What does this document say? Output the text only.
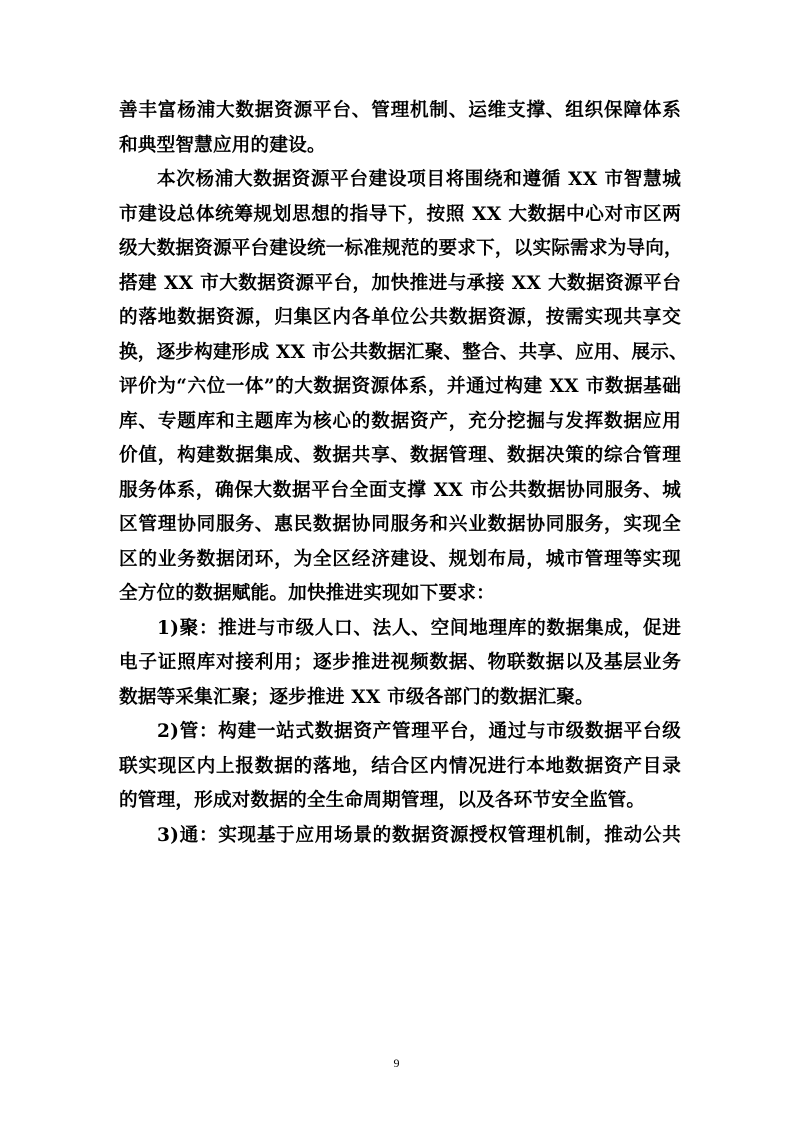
善丰富杨浦大数据资源平台、管理机制、运维支撑、组织保障体系
和典型智慧应用的建设。
本次杨浦大数据资源平台建设项目将围绕和遵循 XX 市智慧城
市建设总体统筹规划思想的指导下，按照 XX 大数据中心对市区两
级大数据资源平台建设统一标准规范的要求下，以实际需求为导向，
搭建 XX 市大数据资源平台，加快推进与承接 XX 大数据资源平台
的落地数据资源，归集区内各单位公共数据资源，按需实现共享交
换，逐步构建形成 XX 市公共数据汇聚、整合、共享、应用、展示、
评价为“六位一体”的大数据资源体系，并通过构建 XX 市数据基础
库、专题库和主题库为核心的数据资产，充分挖掘与发挥数据应用
价值，构建数据集成、数据共享、数据管理、数据决策的综合管理
服务体系，确保大数据平台全面支撑 XX 市公共数据协同服务、城
区管理协同服务、惠民数据协同服务和兴业数据协同服务，实现全
区的业务数据闭环，为全区经济建设、规划布局，城市管理等实现
全方位的数据赋能。加快推进实现如下要求：
1)聚：推进与市级人口、法人、空间地理库的数据集成，促进
电子证照库对接利用；逐步推进视频数据、物联数据以及基层业务
数据等采集汇聚；逐步推进 XX 市级各部门的数据汇聚。
2)管：构建一站式数据资产管理平台，通过与市级数据平台级
联实现区内上报数据的落地，结合区内情况进行本地数据资产目录
的管理，形成对数据的全生命周期管理，以及各环节安全监管。
3)通：实现基于应用场景的数据资源授权管理机制，推动公共
9
